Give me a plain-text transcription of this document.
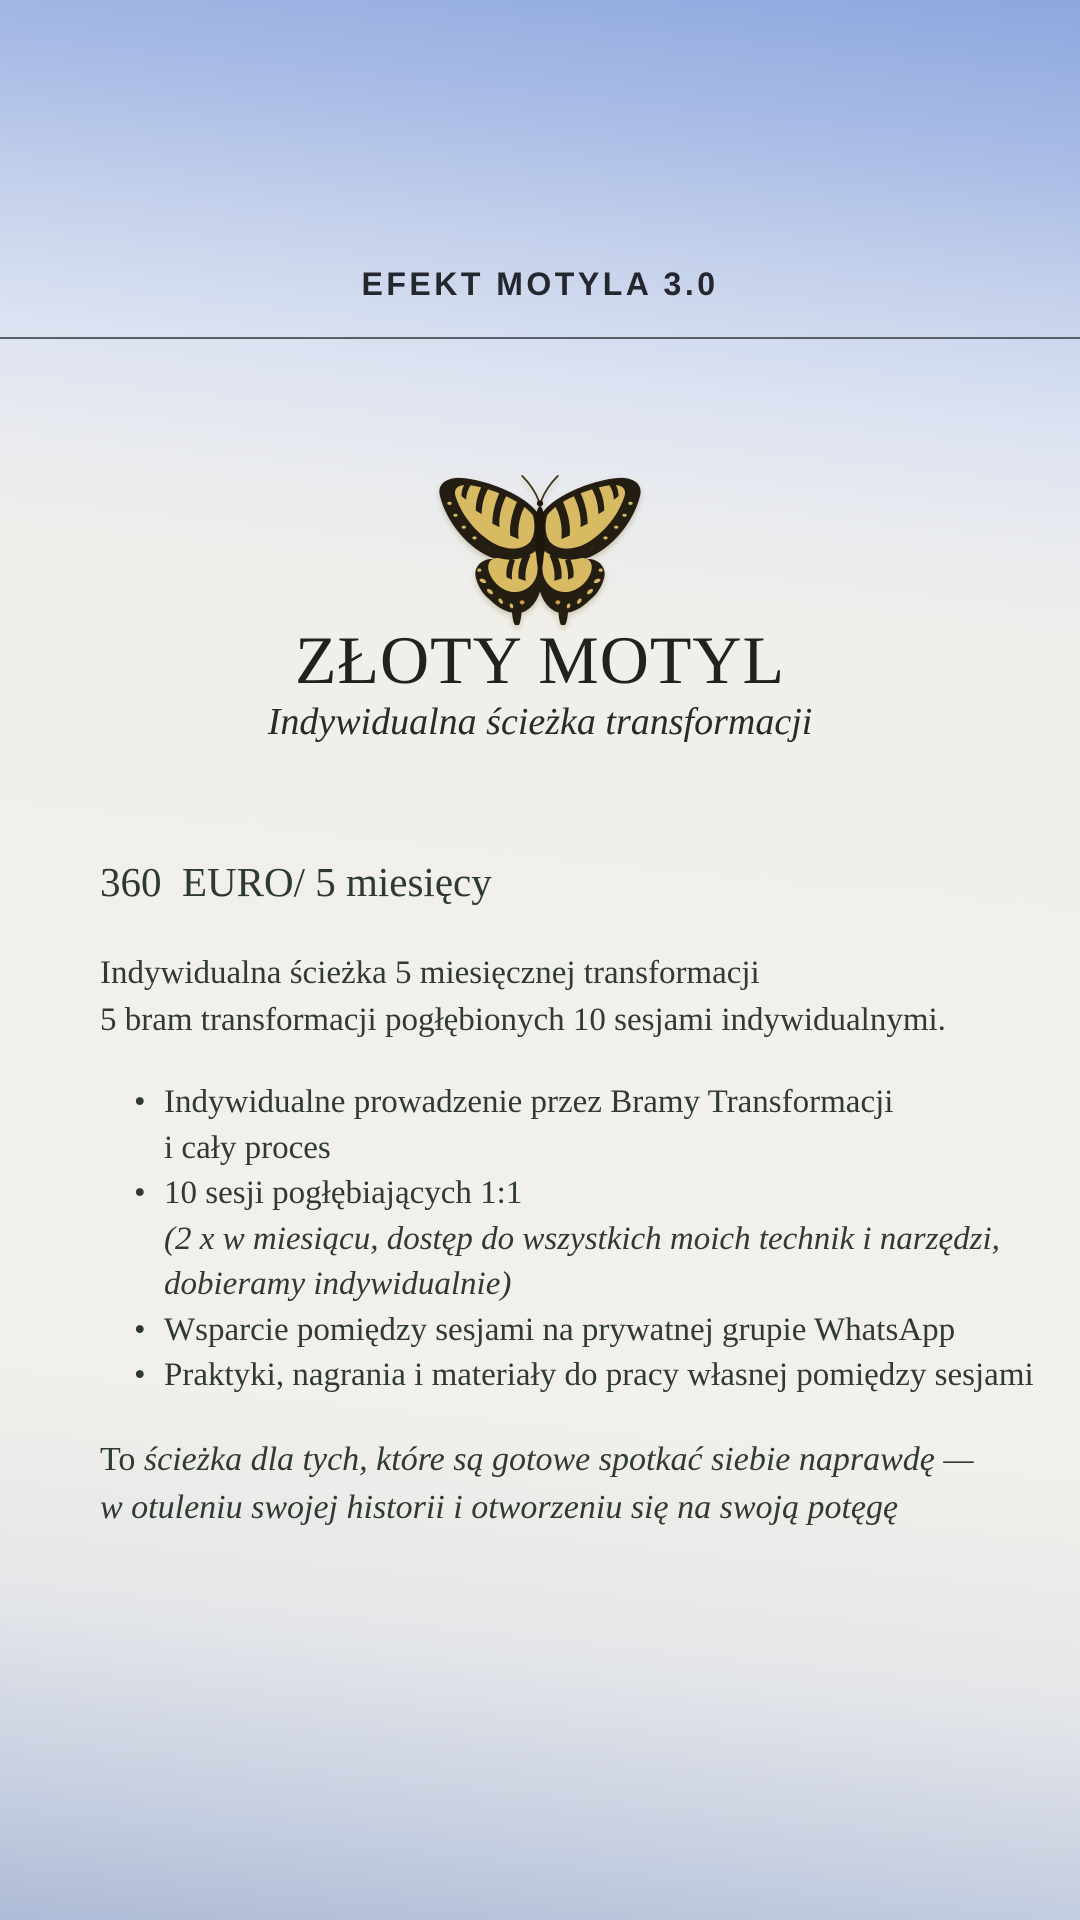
EFEKT MOTYLA 3.0
ZŁOTY MOTYL
Indywidualna ścieżka transformacji
360  EURO/ 5 miesięcy
Indywidualna ścieżka 5 miesięcznej transformacji
5 bram transformacji pogłębionych 10 sesjami indywidualnymi.
• Indywidualne prowadzenie przez Bramy Transformacji
i cały proces
• 10 sesji pogłębiających 1:1
(2 x w miesiącu, dostęp do wszystkich moich technik i narzędzi,
dobieramy indywidualnie)
• Wsparcie pomiędzy sesjami na prywatnej grupie WhatsApp
• Praktyki, nagrania i materiały do pracy własnej pomiędzy sesjami
To ścieżka dla tych, które są gotowe spotkać siebie naprawdę —
w otuleniu swojej historii i otworzeniu się na swoją potęgę
